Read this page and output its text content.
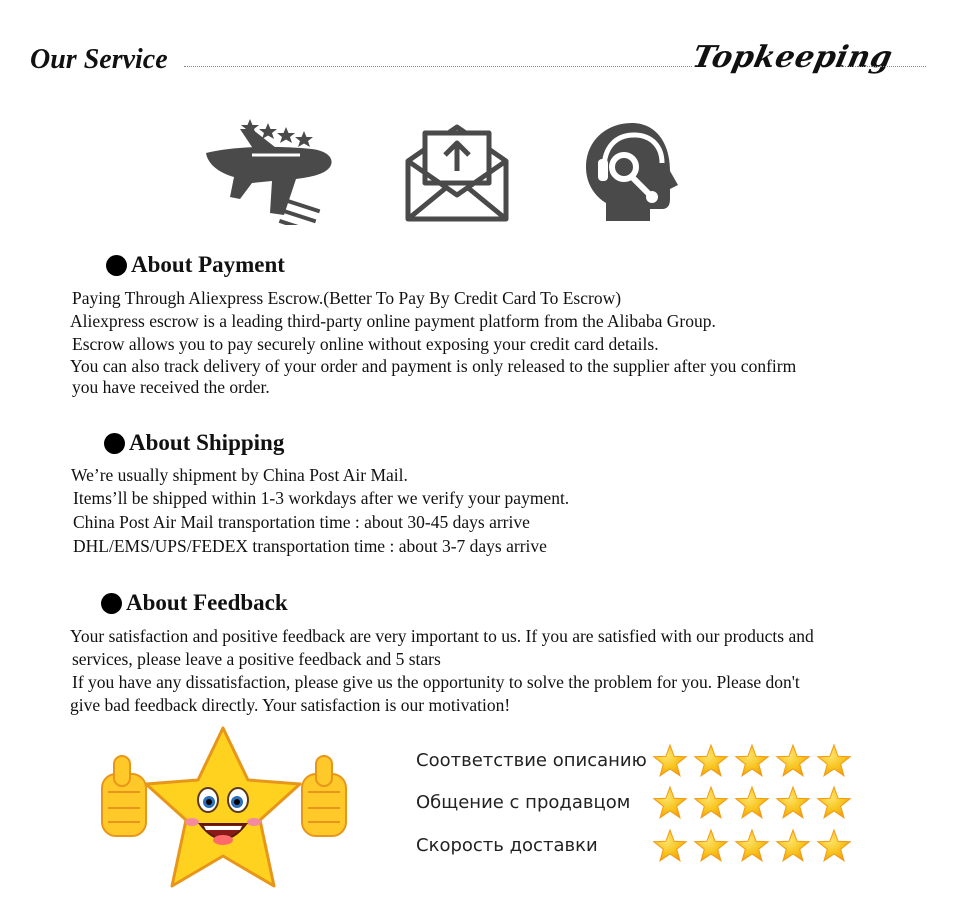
Our Service	Topkeeping
About Payment
Paying Through Aliexpress Escrow.(Better To Pay By Credit Card To Escrow)
Aliexpress escrow is a leading third-party online payment platform from the Alibaba Group.
Escrow allows you to pay securely online without exposing your credit card details.
You can also track delivery of your order and payment is only released to the supplier after you confirm
you have received the order.
About Shipping
We’re usually shipment by China Post Air Mail.
Items’ll be shipped within 1-3 workdays after we verify your payment.
China Post Air Mail transportation time : about 30-45 days arrive
DHL/EMS/UPS/FEDEX transportation time : about 3-7 days arrive
About Feedback
Your satisfaction and positive feedback are very important to us. If you are satisfied with our products and
services, please leave a positive feedback and 5 stars
If you have any dissatisfaction, please give us the opportunity to solve the problem for you. Please don't
give bad feedback directly. Your satisfaction is our motivation!
Соответствие описанию
Общение с продавцом
Скорость доставки
